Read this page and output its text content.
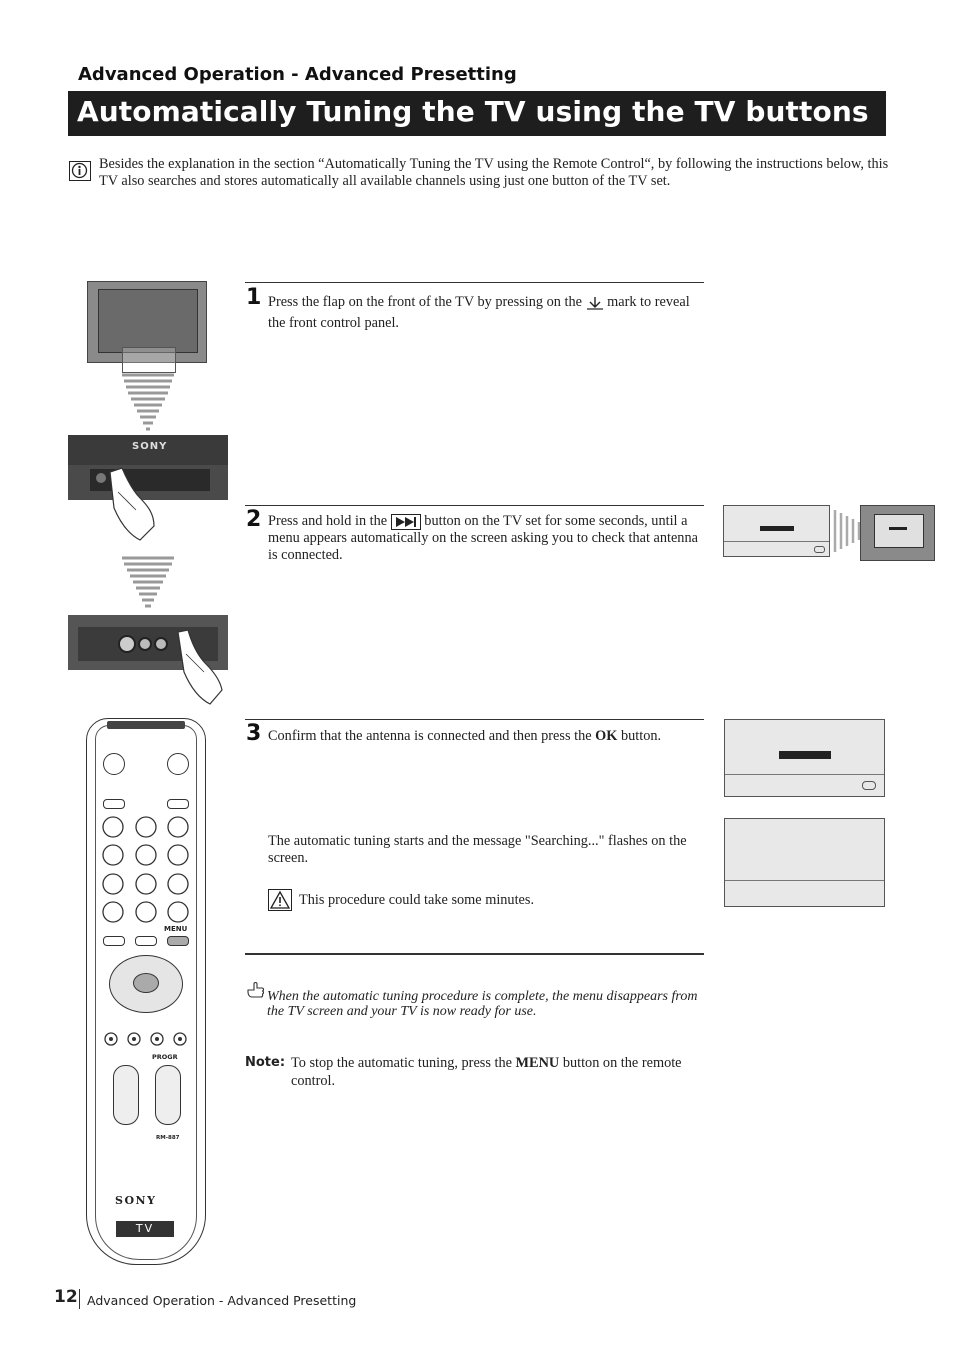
Advanced Operation - Advanced Presetting
Automatically Tuning the TV using the TV buttons
Besides the explanation in the section “Automatically Tuning the TV using the Remote Control“, by following the instructions below, this TV also searches and stores automatically all available channels using just one button of the TV set.
SONY
MENU
PROGR
RM-887
SONY
TV
1 Press the flap on the front of the TV by pressing on the mark to reveal the front control panel.
2 Press and hold in the	button on the TV set for some seconds, until a menu appears automatically on the screen asking you to check that antenna is connected.
3 Confirm that the antenna is connected and then press the OK button.
The automatic tuning starts and the message "Searching..." flashes on the screen.
This procedure could take some minutes.
When the automatic tuning procedure is complete, the menu disappears from the TV screen and your TV is now ready for use.
Note: To stop the automatic tuning, press the MENU button on the remote control.
12 Advanced Operation - Advanced Presetting
